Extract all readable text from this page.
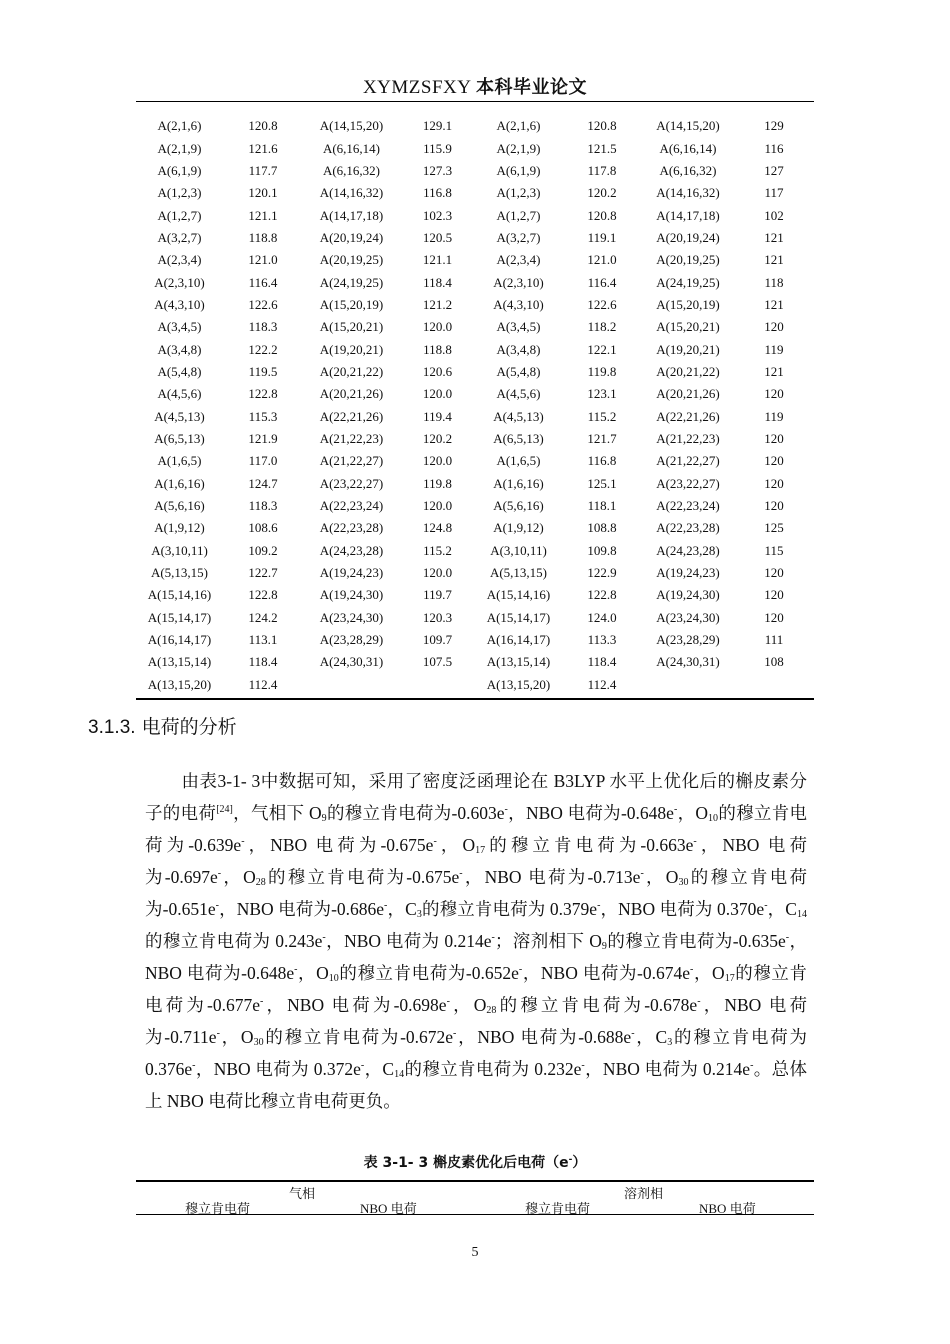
XYMZSFXY 本科毕业论文
A(2,1,6)	120.8	A(14,15,20)	129.1	A(2,1,6)	120.8	A(14,15,20)	129
A(2,1,9)	121.6	A(6,16,14)	115.9	A(2,1,9)	121.5	A(6,16,14)	116
A(6,1,9)	117.7	A(6,16,32)	127.3	A(6,1,9)	117.8	A(6,16,32)	127
A(1,2,3)	120.1	A(14,16,32)	116.8	A(1,2,3)	120.2	A(14,16,32)	117
A(1,2,7)	121.1	A(14,17,18)	102.3	A(1,2,7)	120.8	A(14,17,18)	102
A(3,2,7)	118.8	A(20,19,24)	120.5	A(3,2,7)	119.1	A(20,19,24)	121
A(2,3,4)	121.0	A(20,19,25)	121.1	A(2,3,4)	121.0	A(20,19,25)	121
A(2,3,10)	116.4	A(24,19,25)	118.4	A(2,3,10)	116.4	A(24,19,25)	118
A(4,3,10)	122.6	A(15,20,19)	121.2	A(4,3,10)	122.6	A(15,20,19)	121
A(3,4,5)	118.3	A(15,20,21)	120.0	A(3,4,5)	118.2	A(15,20,21)	120
A(3,4,8)	122.2	A(19,20,21)	118.8	A(3,4,8)	122.1	A(19,20,21)	119
A(5,4,8)	119.5	A(20,21,22)	120.6	A(5,4,8)	119.8	A(20,21,22)	121
A(4,5,6)	122.8	A(20,21,26)	120.0	A(4,5,6)	123.1	A(20,21,26)	120
A(4,5,13)	115.3	A(22,21,26)	119.4	A(4,5,13)	115.2	A(22,21,26)	119
A(6,5,13)	121.9	A(21,22,23)	120.2	A(6,5,13)	121.7	A(21,22,23)	120
A(1,6,5)	117.0	A(21,22,27)	120.0	A(1,6,5)	116.8	A(21,22,27)	120
A(1,6,16)	124.7	A(23,22,27)	119.8	A(1,6,16)	125.1	A(23,22,27)	120
A(5,6,16)	118.3	A(22,23,24)	120.0	A(5,6,16)	118.1	A(22,23,24)	120
A(1,9,12)	108.6	A(22,23,28)	124.8	A(1,9,12)	108.8	A(22,23,28)	125
A(3,10,11)	109.2	A(24,23,28)	115.2	A(3,10,11)	109.8	A(24,23,28)	115
A(5,13,15)	122.7	A(19,24,23)	120.0	A(5,13,15)	122.9	A(19,24,23)	120
A(15,14,16)	122.8	A(19,24,30)	119.7	A(15,14,16)	122.8	A(19,24,30)	120
A(15,14,17)	124.2	A(23,24,30)	120.3	A(15,14,17)	124.0	A(23,24,30)	120
A(16,14,17)	113.1	A(23,28,29)	109.7	A(16,14,17)	113.3	A(23,28,29)	111
A(13,15,14)	118.4	A(24,30,31)	107.5	A(13,15,14)	118.4	A(24,30,31)	108
A(13,15,20)	112.4			A(13,15,20)	112.4		
3.1.3. 电荷的分析

由表3-1- 3中数据可知，采用了密度泛函理论在 B3LYP 水平上优化后的槲皮素分子的电荷[24]，气相下 $O_9$的穆立肯电荷为-0.603e-，NBO 电荷为-0.648e-，$O_{10}$的穆立肯电荷为-0.639e-，NBO 电荷为-0.675e-，$O_{17}$的穆立肯电荷为-0.663e-，NBO 电荷为-0.697e-，$O_{28}$的穆立肯电荷为-0.675e-，NBO 电荷为-0.713e-，$O_{30}$的穆立肯电荷为-0.651e-，NBO 电荷为-0.686e-，$C_3$的穆立肯电荷为 0.379e-，NBO 电荷为 0.370e-，$C_{14}$的穆立肯电荷为 0.243e-，NBO 电荷为 0.214e-；溶剂相下 $O_9$的穆立肯电荷为-0.635e-，NBO 电荷为-0.648e-，$O_{10}$的穆立肯电荷为-0.652e-，NBO 电荷为-0.674e-，$O_{17}$的穆立肯电荷为-0.677e-，NBO 电荷为-0.698e-，$O_{28}$的穆立肯电荷为-0.678e-，NBO 电荷为-0.711e-，$O_{30}$的穆立肯电荷为-0.672e-，NBO 电荷为-0.688e-，$C_3$的穆立肯电荷为 0.376e-，NBO 电荷为 0.372e-，$C_{14}$的穆立肯电荷为 0.232e-，NBO 电荷为 0.214e-。总体上 NBO 电荷比穆立肯电荷更负。

表 3-1- 3 槲皮素优化后电荷（e-）
气相	溶剂相
穆立肯电荷	NBO 电荷	穆立肯电荷	NBO 电荷
5
